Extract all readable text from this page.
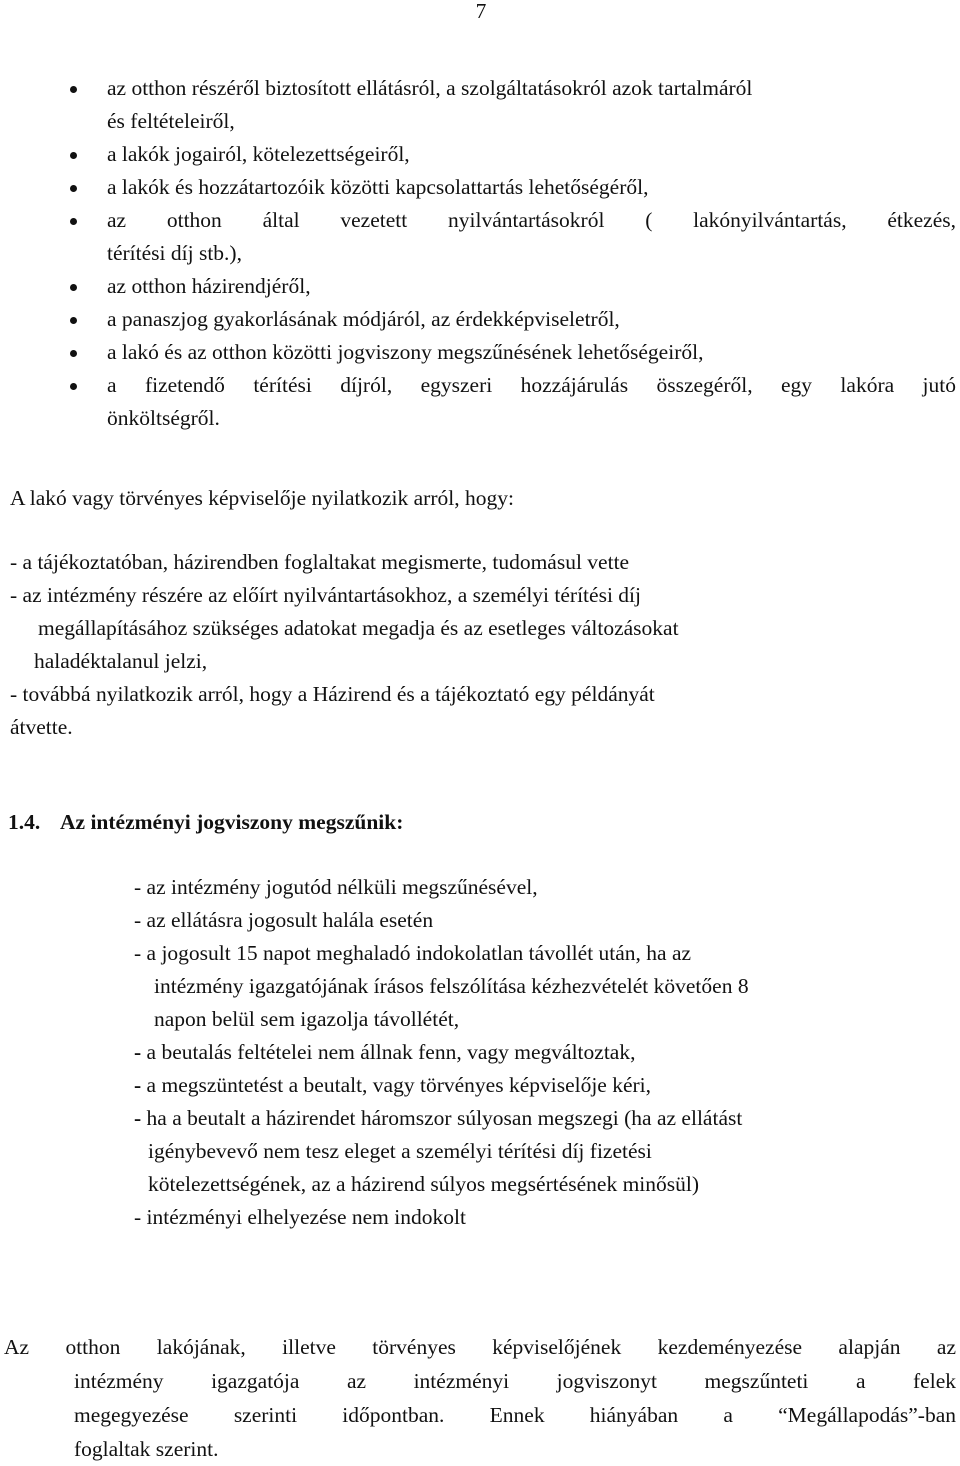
7
az otthon részéről biztosított ellátásról, a szolgáltatásokról azok tartalmáról
és feltételeiről,
a lakók jogairól, kötelezettségeiről,
a lakók és hozzátartozóik közötti kapcsolattartás lehetőségéről,
az otthon által vezetett nyilvántartásokról ( lakónyilvántartás, étkezés,
térítési díj stb.),
az otthon házirendjéről,
a panaszjog gyakorlásának módjáról, az érdekképviseletről,
a lakó és az otthon közötti jogviszony megszűnésének lehetőségeiről,
a fizetendő térítési díjról, egyszeri hozzájárulás összegéről, egy lakóra jutó
önköltségről.
A lakó vagy törvényes képviselője nyilatkozik arról, hogy:
- a tájékoztatóban, házirendben foglaltakat megismerte, tudomásul vette
- az intézmény részére az előírt nyilvántartásokhoz, a személyi térítési díj
megállapításához szükséges adatokat megadja és az esetleges változásokat
haladéktalanul jelzi,
- továbbá nyilatkozik arról, hogy a Házirend és a tájékoztató egy példányát
átvette.
1.4. Az intézményi jogviszony megszűnik:
- az intézmény jogutód nélküli megszűnésével,
- az ellátásra jogosult halála esetén
- a jogosult 15 napot meghaladó indokolatlan távollét után, ha az
intézmény igazgatójának írásos felszólítása kézhezvételét követően 8
napon belül sem igazolja távollétét,
- a beutalás feltételei nem állnak fenn, vagy megváltoztak,
- a megszüntetést a beutalt, vagy törvényes képviselője kéri,
- ha a beutalt a házirendet háromszor súlyosan megszegi (ha az ellátást
igénybevevő nem tesz eleget a személyi térítési díj fizetési
kötelezettségének, az a házirend súlyos megsértésének minősül)
- intézményi elhelyezése nem indokolt
Az otthon lakójának, illetve törvényes képviselőjének kezdeményezése alapján az
intézmény igazgatója az intézményi jogviszonyt megszűnteti a felek
megegyezése szerinti időpontban. Ennek hiányában a “Megállapodás”-ban
foglaltak szerint.
